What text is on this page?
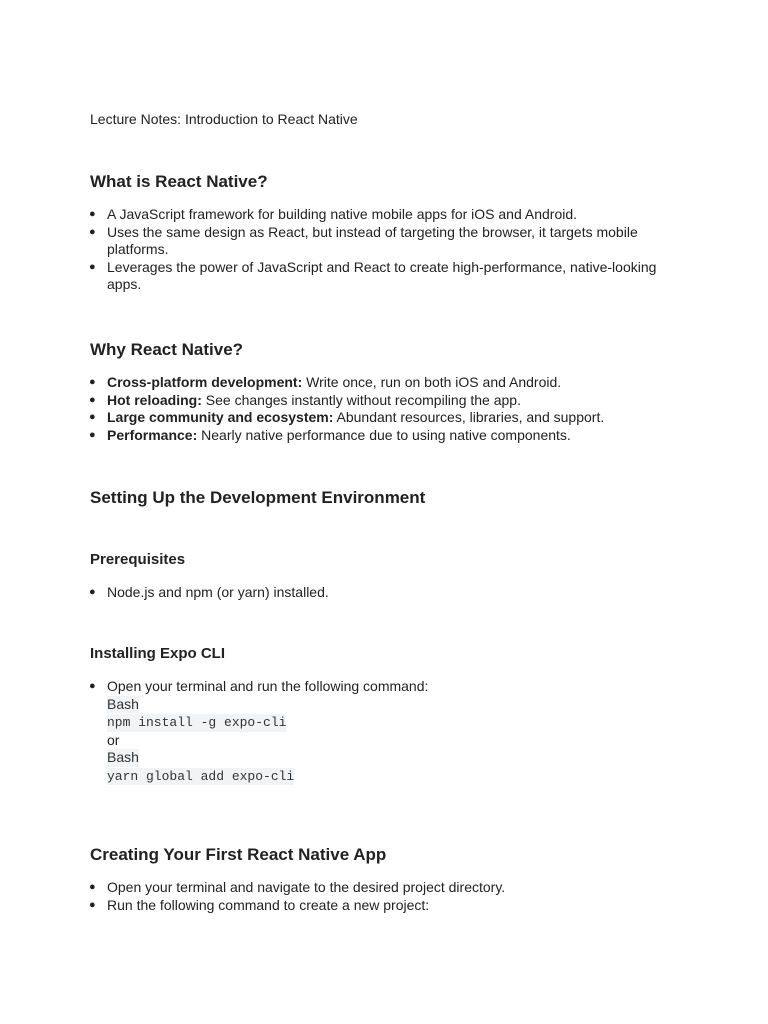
Lecture Notes: Introduction to React Native

What is React Native?
● A JavaScript framework for building native mobile apps for iOS and Android.
● Uses the same design as React, but instead of targeting the browser, it targets mobile platforms.
● Leverages the power of JavaScript and React to create high-performance, native-looking apps.
Why React Native?
● Cross-platform development: Write once, run on both iOS and Android.
● Hot reloading: See changes instantly without recompiling the app.
● Large community and ecosystem: Abundant resources, libraries, and support.
● Performance: Nearly native performance due to using native components.
Setting Up the Development Environment
Prerequisites
● Node.js and npm (or yarn) installed.
Installing Expo CLI
● Open your terminal and run the following command:
Bash
npm install -g expo-cli
or
Bash
yarn global add expo-cli
Creating Your First React Native App
● Open your terminal and navigate to the desired project directory.
● Run the following command to create a new project:
